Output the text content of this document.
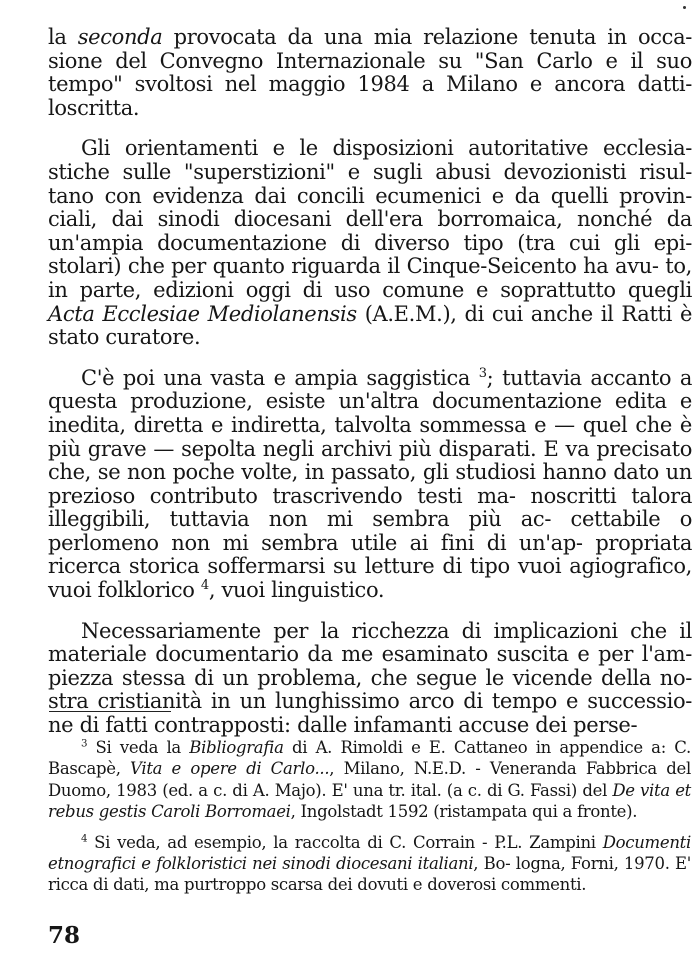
la seconda provocata da una mia relazione tenuta in occa- sione del Convegno Internazionale su "San Carlo e il suo tempo" svoltosi nel maggio 1984 a Milano e ancora datti- loscritta.

Gli orientamenti e le disposizioni autoritative ecclesia- stiche sulle "superstizioni" e sugli abusi devozionisti risul- tano con evidenza dai concili ecumenici e da quelli provin- ciali, dai sinodi diocesani dell'era borromaica, nonché da un'ampia documentazione di diverso tipo (tra cui gli epi- stolari) che per quanto riguarda il Cinque-Seicento ha avu- to, in parte, edizioni oggi di uso comune e soprattutto quegli Acta Ecclesiae Mediolanensis (A.E.M.), di cui anche il Ratti è stato curatore.

C'è poi una vasta e ampia saggistica $^3$; tuttavia accanto a questa produzione, esiste un'altra documentazione edita e inedita, diretta e indiretta, talvolta sommessa e — quel che è più grave — sepolta negli archivi più disparati. E va precisato che, se non poche volte, in passato, gli studiosi hanno dato un prezioso contributo trascrivendo testi ma- noscritti talora illeggibili, tuttavia non mi sembra più ac- cettabile o perlomeno non mi sembra utile ai fini di un'ap- propriata ricerca storica soffermarsi su letture di tipo vuoi agiografico, vuoi folklorico $^4$, vuoi linguistico.

Necessariamente per la ricchezza di implicazioni che il materiale documentario da me esaminato suscita e per l'am- piezza stessa di un problema, che segue le vicende della no- stra cristianità in un lunghissimo arco di tempo e successio- ne di fatti contrapposti: dalle infamanti accuse dei perse-

$^3$ Si veda la Bibliografia di A. Rimoldi e E. Cattaneo in appendice a: C. Bascapè, Vita e opere di Carlo..., Milano, N.E.D. - Veneranda Fabbrica del Duomo, 1983 (ed. a c. di A. Majo). E' una tr. ital. (a c. di G. Fassi) del De vita et rebus gestis Caroli Borromaei, Ingolstadt 1592 (ristampata qui a fronte).

$^4$ Si veda, ad esempio, la raccolta di C. Corrain - P.L. Zampini Documenti etnografici e folkloristici nei sinodi diocesani italiani, Bo- logna, Forni, 1970. E' ricca di dati, ma purtroppo scarsa dei dovuti e doverosi commenti.

78
